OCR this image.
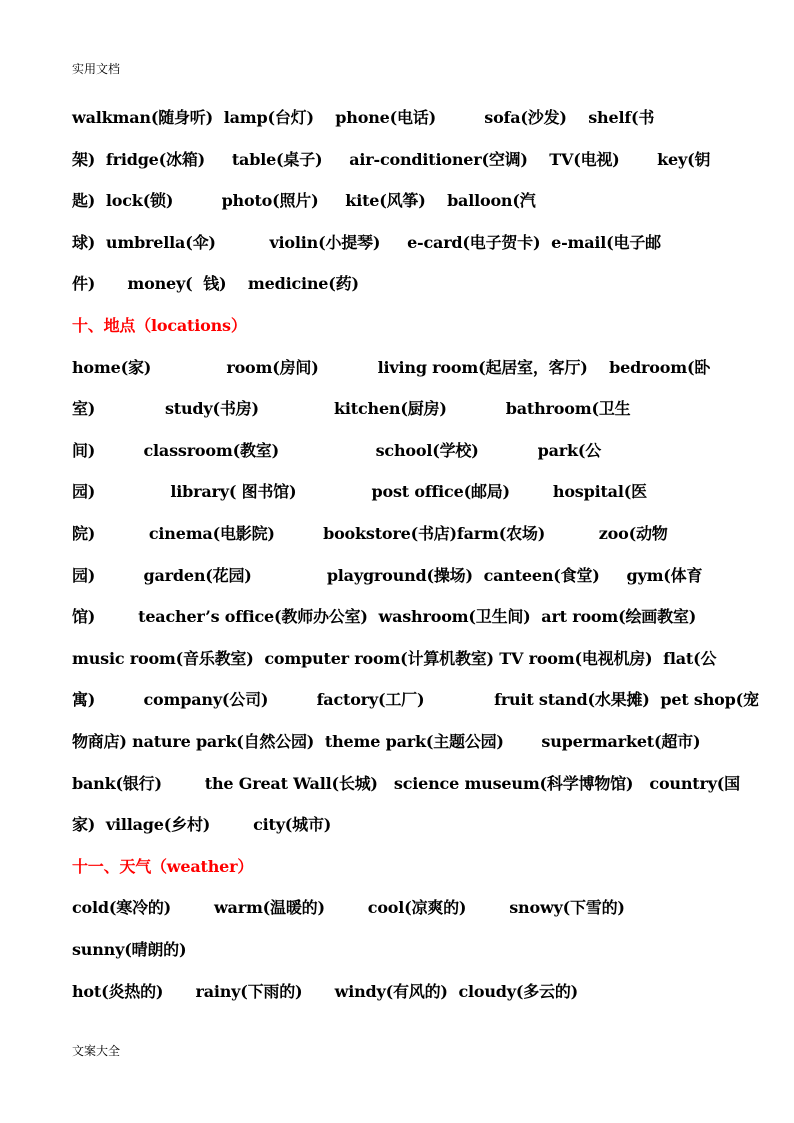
实用文档
walkman(随身听)  lamp(台灯)    phone(电话)         sofa(沙发)    shelf(书
架)  fridge(冰箱)     table(桌子)     air-conditioner(空调)    TV(电视)       key(钥
匙)  lock(锁)         photo(照片)     kite(风筝)    balloon(汽
球)  umbrella(伞)          violin(小提琴)     e-card(电子贺卡)  e-mail(电子邮
件)      money(  钱)    medicine(药)
十、地点（locations）
home(家)              room(房间)           living room(起居室，客厅)    bedroom(卧
室)             study(书房)              kitchen(厨房)           bathroom(卫生
间)         classroom(教室)                  school(学校)           park(公
园)              library( 图书馆)              post office(邮局)        hospital(医
院)          cinema(电影院)         bookstore(书店)farm(农场)          zoo(动物
园)         garden(花园)              playground(操场)  canteen(食堂)     gym(体育
馆)        teacher’s office(教师办公室)  washroom(卫生间)  art room(绘画教室)
music room(音乐教室)  computer room(计算机教室) TV room(电视机房)  flat(公
寓)         company(公司)         factory(工厂)             fruit stand(水果摊)  pet shop(宠
物商店) nature park(自然公园)  theme park(主题公园)       supermarket(超市)
bank(银行)        the Great Wall(长城)   science museum(科学博物馆)   country(国
家)  village(乡村)        city(城市)
十一、天气（weather）
cold(寒冷的)        warm(温暖的)        cool(凉爽的)        snowy(下雪的)
sunny(晴朗的)
hot(炎热的)      rainy(下雨的)      windy(有风的)  cloudy(多云的)
文案大全
